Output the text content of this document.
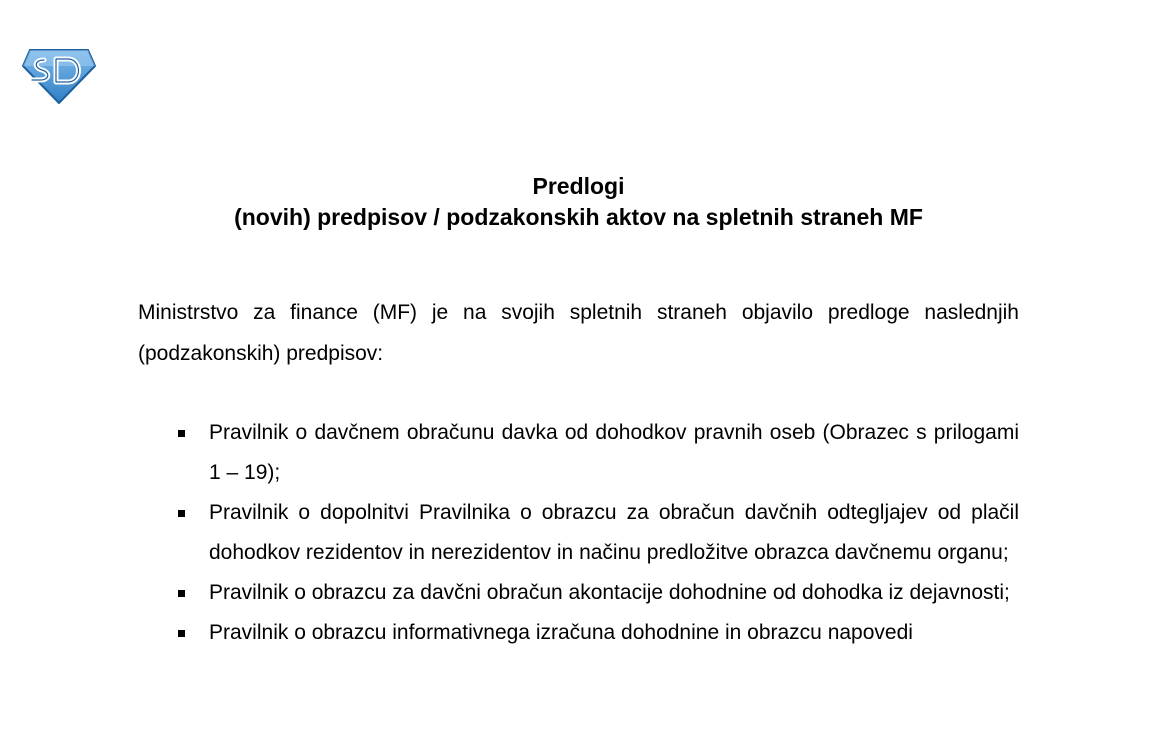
Predlogi
(novih) predpisov / podzakonskih aktov na spletnih straneh MF
Ministrstvo za finance (MF) je na svojih spletnih straneh objavilo predloge naslednjih (podzakonskih) predpisov:
Pravilnik o davčnem obračunu davka od dohodkov pravnih oseb (Obrazec s prilogami 1 – 19);
Pravilnik o dopolnitvi Pravilnika o obrazcu za obračun davčnih odtegljajev od plačil dohodkov rezidentov in nerezidentov in načinu predložitve obrazca davčnemu organu;
Pravilnik o obrazcu za davčni obračun akontacije dohodnine od dohodka iz dejavnosti;
Pravilnik o obrazcu informativnega izračuna dohodnine in obrazcu napovedi
